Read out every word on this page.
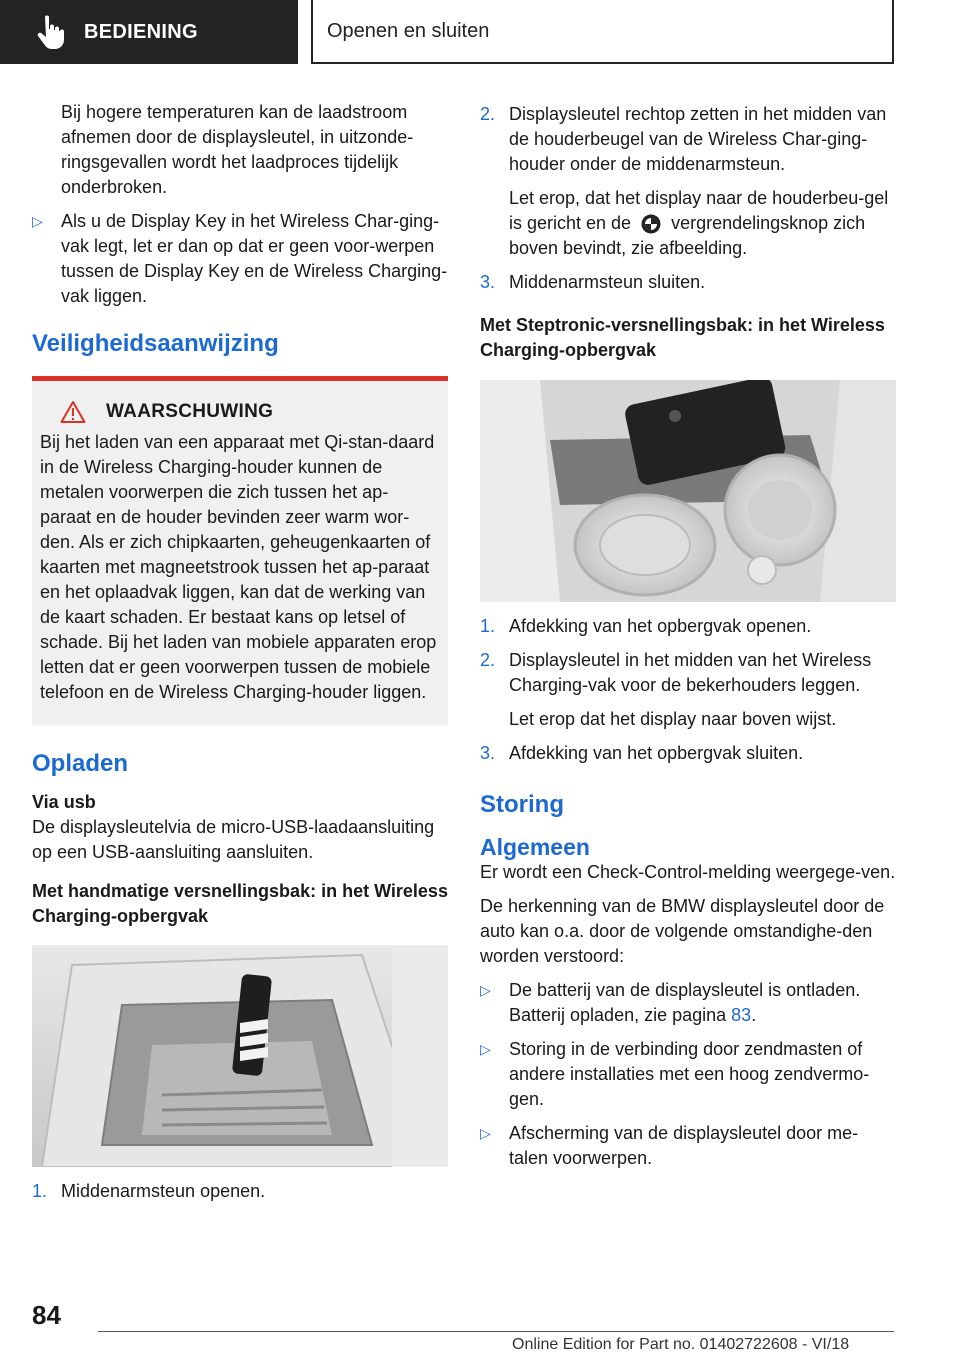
BEDIENING	Openen en sluiten

Bij hogere temperaturen kan de laadstroom afnemen door de displaysleutel, in uitzonde-ringsgevallen wordt het laadproces tijdelijk onderbroken.

▷ Als u de Display Key in het Wireless Char-ging-vak legt, let er dan op dat er geen voor-werpen tussen de Display Key en de Wireless Charging-vak liggen.
Veiligheidsaanwijzing
WAARSCHUWING
Bij het laden van een apparaat met Qi-stan-daard in de Wireless Charging-houder kunnen de metalen voorwerpen die zich tussen het ap-paraat en de houder bevinden zeer warm wor-den. Als er zich chipkaarten, geheugenkaarten of kaarten met magneetstrook tussen het ap-paraat en het oplaadvak liggen, kan dat de werking van de kaart schaden. Er bestaat kans op letsel of schade. Bij het laden van mobiele apparaten erop letten dat er geen voorwerpen tussen de mobiele telefoon en de Wireless Charging-houder liggen.
Opladen
Via usb

De displaysleutelvia de micro-USB-laadaansluiting op een USB-aansluiting aansluiten.

Met handmatige versnellingsbak: in het Wireless Charging-opbergvak
1. Middenarmsteun openen.
2. Displaysleutel rechtop zetten in het midden van de houderbeugel van de Wireless Char-ging-houder onder de middenarmsteun.

Let erop, dat het display naar de houderbeu-gel is gericht en de vergrendelingsknop zich boven bevindt, zie afbeelding.

3. Middenarmsteun sluiten.
Met Steptronic-versnellingsbak: in het Wireless Charging-opbergvak
1. Afdekking van het opbergvak openen.
2. Displaysleutel in het midden van het Wireless Charging-vak voor de bekerhouders leggen.

Let erop dat het display naar boven wijst.

3. Afdekking van het opbergvak sluiten.
Storing
Algemeen

Er wordt een Check-Control-melding weergege-ven.

De herkenning van de BMW displaysleutel door de auto kan o.a. door de volgende omstandighe-den worden verstoord:

▷ De batterij van de displaysleutel is ontladen. Batterij opladen, zie pagina 83.
▷ Storing in de verbinding door zendmasten of andere installaties met een hoog zendvermo-gen.
▷ Afscherming van de displaysleutel door me-talen voorwerpen.
84
Online Edition for Part no. 01402722608 - VI/18
